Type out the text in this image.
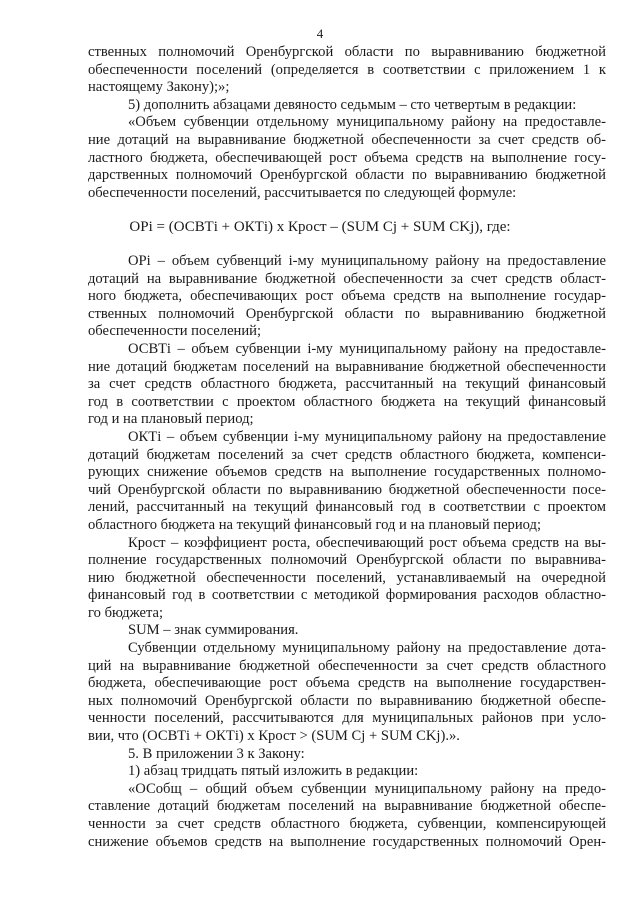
4
ственных полномочий Оренбургской области по выравниванию бюджетной
обеспеченности поселений (определяется в соответствии с приложением 1 к
настоящему Закону);»;
5) дополнить абзацами девяносто седьмым – сто четвертым в редакции:
«Объем субвенции отдельному муниципальному району на предоставле-
ние дотаций на выравнивание бюджетной обеспеченности за счет средств об-
ластного бюджета, обеспечивающей рост объема средств на выполнение госу-
дарственных полномочий Оренбургской области по выравниванию бюджетной
обеспеченности поселений, рассчитывается по следующей формуле:
ОРi = (ОСВТi + ОКТi) x Крост – (SUM Cj + SUM CKj), где:
ОРi – объем субвенций i-му муниципальному району на предоставление
дотаций на выравнивание бюджетной обеспеченности за счет средств област-
ного бюджета, обеспечивающих рост объема средств на выполнение государ-
ственных полномочий Оренбургской области по выравниванию бюджетной
обеспеченности поселений;
ОСВТi – объем субвенции i-му муниципальному району на предоставле-
ние дотаций бюджетам поселений на выравнивание бюджетной обеспеченности
за счет средств областного бюджета, рассчитанный на текущий финансовый
год в соответствии с проектом областного бюджета на текущий финансовый
год и на плановый период;
ОКТi – объем субвенции i-му муниципальному району на предоставление
дотаций бюджетам поселений за счет средств областного бюджета, компенси-
рующих снижение объемов средств на выполнение государственных полномо-
чий Оренбургской области по выравниванию бюджетной обеспеченности посе-
лений, рассчитанный на текущий финансовый год в соответствии с проектом
областного бюджета на текущий финансовый год и на плановый период;
Крост – коэффициент роста, обеспечивающий рост объема средств на вы-
полнение государственных полномочий Оренбургской области по выравнива-
нию бюджетной обеспеченности поселений, устанавливаемый на очередной
финансовый год в соответствии с методикой формирования расходов областно-
го бюджета;
SUM – знак суммирования.
Субвенции отдельному муниципальному району на предоставление дота-
ций на выравнивание бюджетной обеспеченности за счет средств областного
бюджета, обеспечивающие рост объема средств на выполнение государствен-
ных полномочий Оренбургской области по выравниванию бюджетной обеспе-
ченности поселений, рассчитываются для муниципальных районов при усло-
вии, что (ОСВТi + ОКТi) x Крост > (SUM Cj + SUM CKj).».
5. В приложении 3 к Закону:
1) абзац тридцать пятый изложить в редакции:
«ОСобщ – общий объем субвенции муниципальному району на предо-
ставление дотаций бюджетам поселений на выравнивание бюджетной обеспе-
ченности за счет средств областного бюджета, субвенции, компенсирующей
снижение объемов средств на выполнение государственных полномочий Орен-
